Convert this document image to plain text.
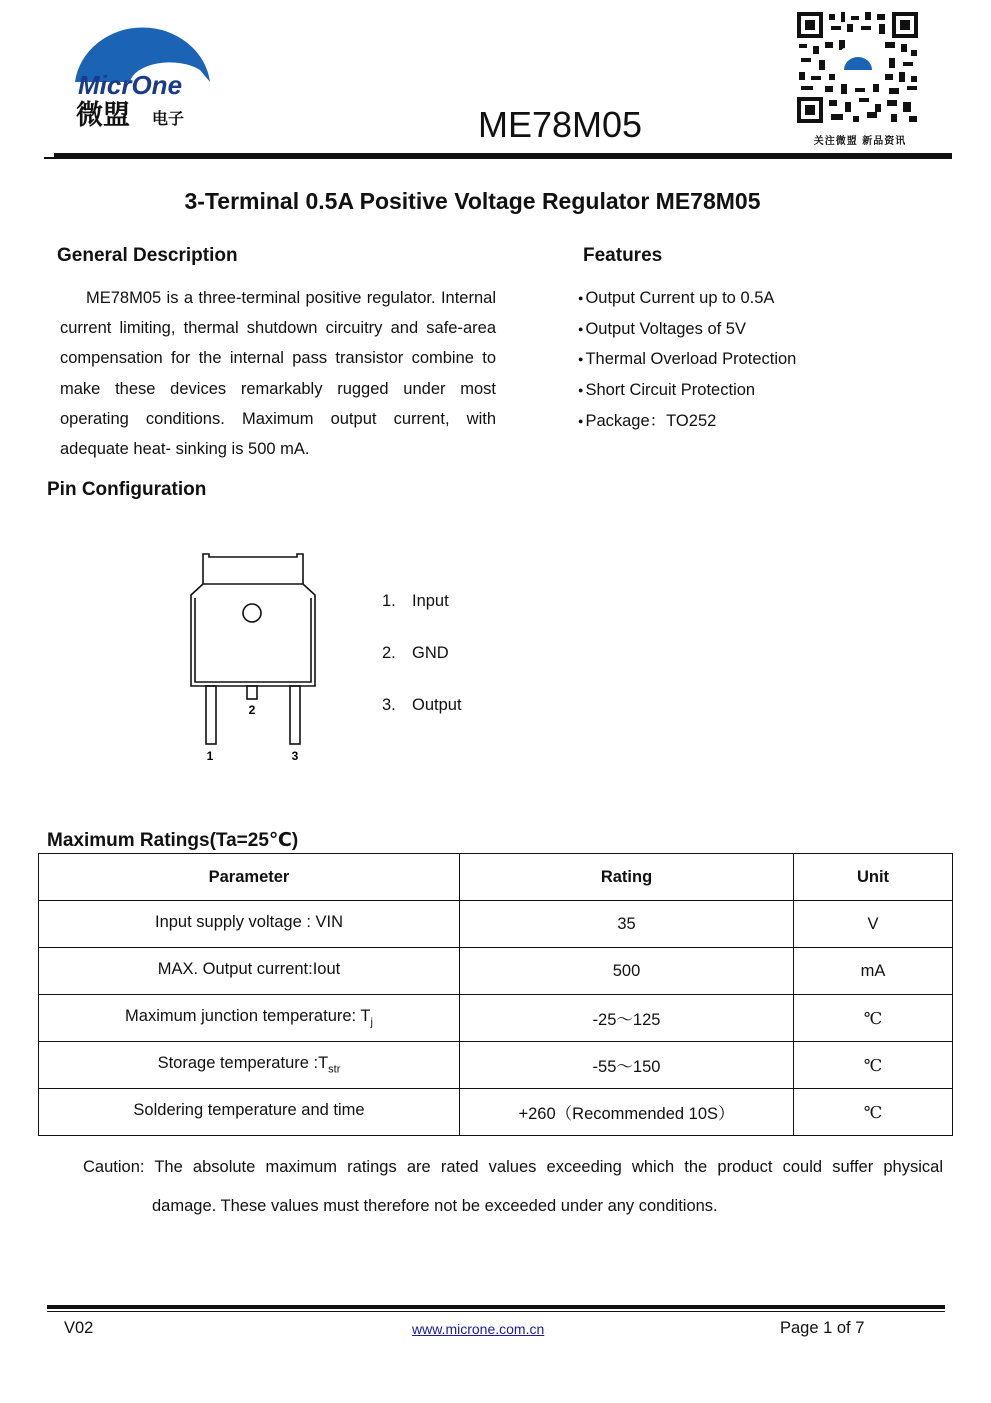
MicrOne
微盟 电子	ME78M05	关注微盟 新品资讯
3-Terminal 0.5A Positive Voltage Regulator ME78M05
General Description
ME78M05 is a three-terminal positive regulator. Internal current limiting, thermal shutdown circuitry and safe-area compensation for the internal pass transistor combine to make these devices remarkably rugged under most operating conditions. Maximum output current, with adequate heat- sinking is 500 mA.
Features
● Output Current up to 0.5A
● Output Voltages of 5V
● Thermal Overload Protection
● Short Circuit Protection
● Package：TO252
Pin Configuration
2
1	3
1. Input
2. GND
3. Output
Maximum Ratings(Ta=25℃)
Parameter	Rating	Unit
Input supply voltage : VIN	35	V
MAX. Output current:Iout	500	mA
Maximum junction temperature: $T_j$	-25～125	℃
Storage temperature $:T_{str}$	-55～150	℃
Soldering temperature and time	+260（Recommended 10S）	℃
Caution: The absolute maximum ratings are rated values exceeding which the product could suffer physical
damage. These values must therefore not be exceeded under any conditions.
V02	www.microne.com.cn	Page 1 of 7
